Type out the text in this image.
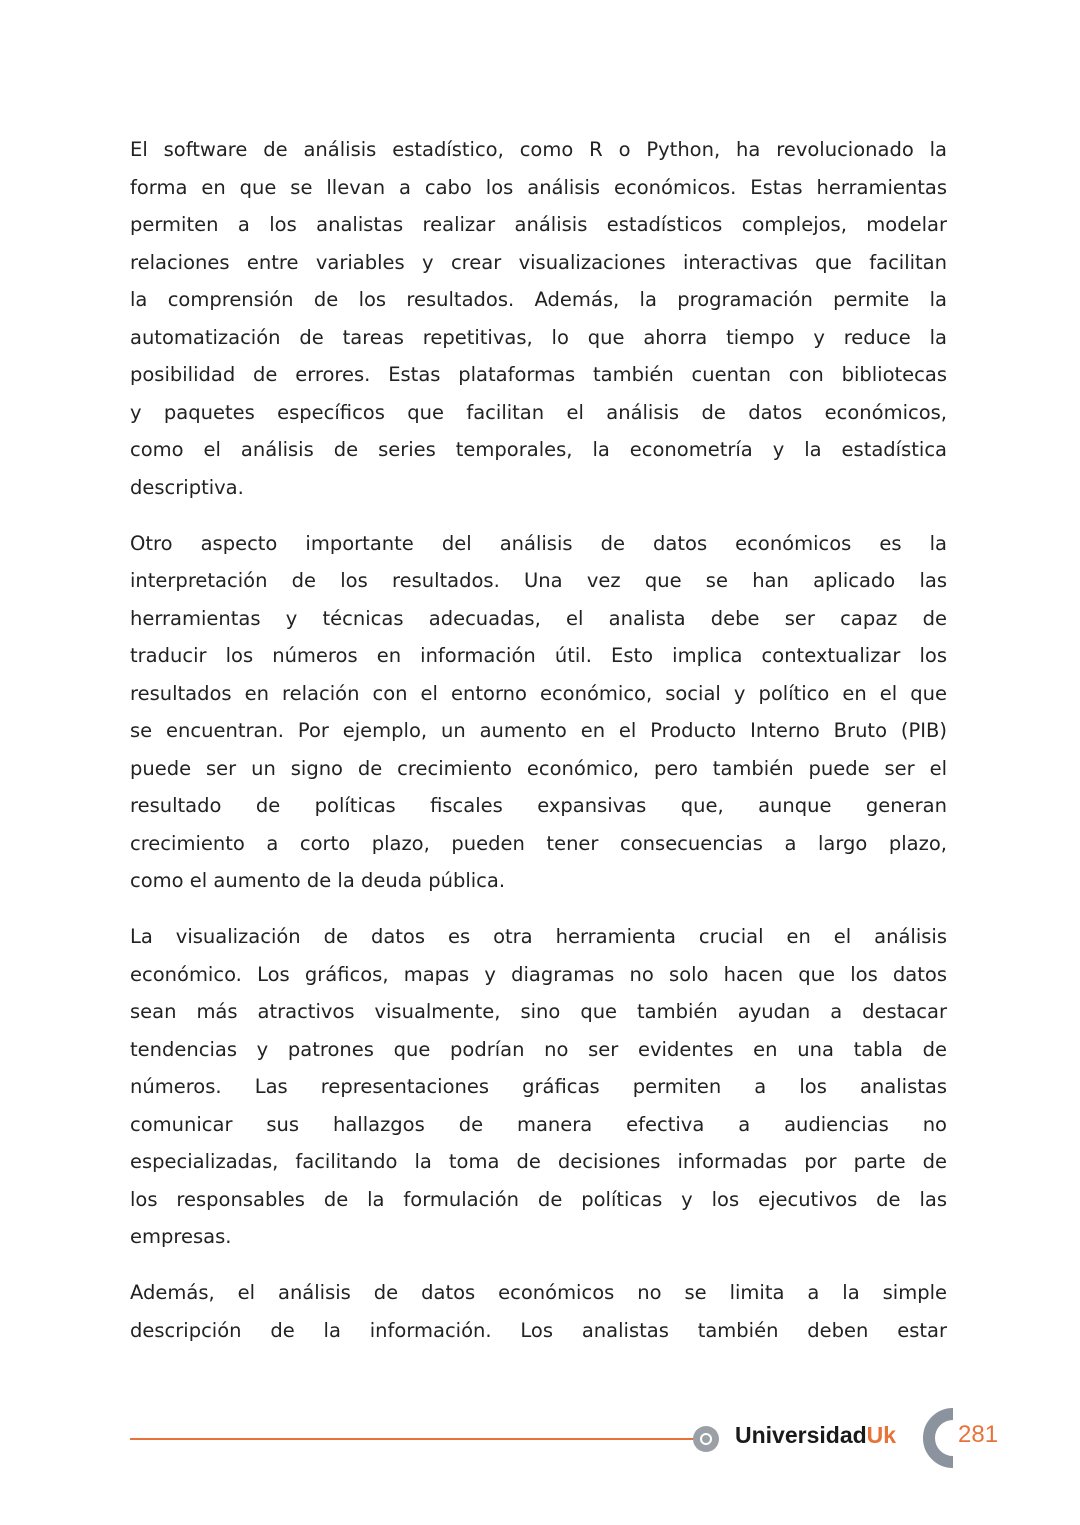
El software de análisis estadístico, como R o Python, ha revolucionado la
forma en que se llevan a cabo los análisis económicos. Estas herramientas
permiten a los analistas realizar análisis estadísticos complejos, modelar
relaciones entre variables y crear visualizaciones interactivas que facilitan
la comprensión de los resultados. Además, la programación permite la
automatización de tareas repetitivas, lo que ahorra tiempo y reduce la
posibilidad de errores. Estas plataformas también cuentan con bibliotecas
y paquetes específicos que facilitan el análisis de datos económicos,
como el análisis de series temporales, la econometría y la estadística
descriptiva.
Otro aspecto importante del análisis de datos económicos es la
interpretación de los resultados. Una vez que se han aplicado las
herramientas y técnicas adecuadas, el analista debe ser capaz de
traducir los números en información útil. Esto implica contextualizar los
resultados en relación con el entorno económico, social y político en el que
se encuentran. Por ejemplo, un aumento en el Producto Interno Bruto (PIB)
puede ser un signo de crecimiento económico, pero también puede ser el
resultado de políticas fiscales expansivas que, aunque generan
crecimiento a corto plazo, pueden tener consecuencias a largo plazo,
como el aumento de la deuda pública.
La visualización de datos es otra herramienta crucial en el análisis
económico. Los gráficos, mapas y diagramas no solo hacen que los datos
sean más atractivos visualmente, sino que también ayudan a destacar
tendencias y patrones que podrían no ser evidentes en una tabla de
números. Las representaciones gráficas permiten a los analistas
comunicar sus hallazgos de manera efectiva a audiencias no
especializadas, facilitando la toma de decisiones informadas por parte de
los responsables de la formulación de políticas y los ejecutivos de las
empresas.
Además, el análisis de datos económicos no se limita a la simple
descripción de la información. Los analistas también deben estar
UniversidadUk	281
